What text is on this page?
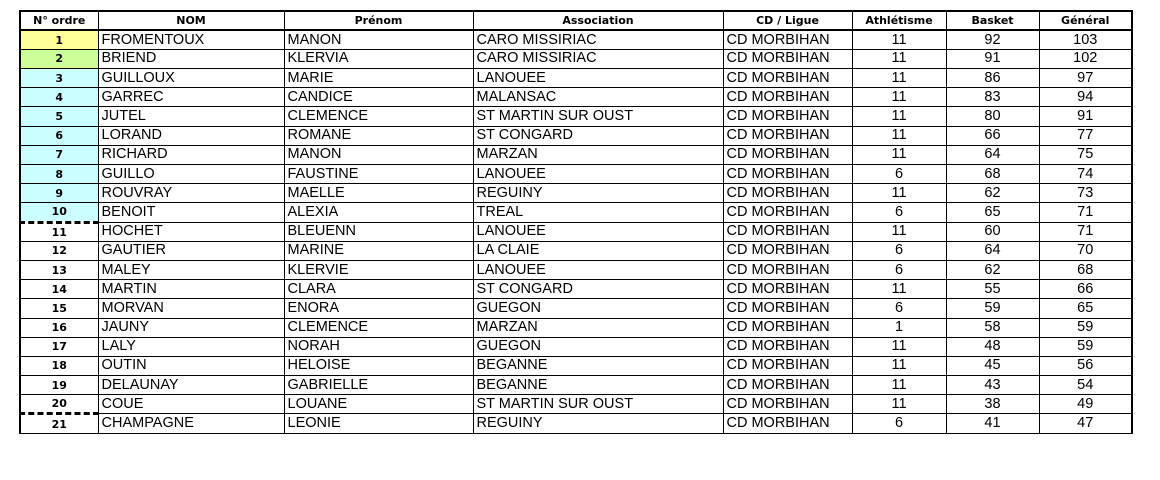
N° ordre	NOM	Prénom	Association	CD / Ligue	Athlétisme	Basket	Général
1	FROMENTOUX	MANON	CARO MISSIRIAC	CD MORBIHAN	11	92	103
2	BRIEND	KLERVIA	CARO MISSIRIAC	CD MORBIHAN	11	91	102
3	GUILLOUX	MARIE	LANOUEE	CD MORBIHAN	11	86	97
4	GARREC	CANDICE	MALANSAC	CD MORBIHAN	11	83	94
5	JUTEL	CLEMENCE	ST MARTIN SUR OUST	CD MORBIHAN	11	80	91
6	LORAND	ROMANE	ST CONGARD	CD MORBIHAN	11	66	77
7	RICHARD	MANON	MARZAN	CD MORBIHAN	11	64	75
8	GUILLO	FAUSTINE	LANOUEE	CD MORBIHAN	6	68	74
9	ROUVRAY	MAELLE	REGUINY	CD MORBIHAN	11	62	73
10	BENOIT	ALEXIA	TREAL	CD MORBIHAN	6	65	71
11	HOCHET	BLEUENN	LANOUEE	CD MORBIHAN	11	60	71
12	GAUTIER	MARINE	LA CLAIE	CD MORBIHAN	6	64	70
13	MALEY	KLERVIE	LANOUEE	CD MORBIHAN	6	62	68
14	MARTIN	CLARA	ST CONGARD	CD MORBIHAN	11	55	66
15	MORVAN	ENORA	GUEGON	CD MORBIHAN	6	59	65
16	JAUNY	CLEMENCE	MARZAN	CD MORBIHAN	1	58	59
17	LALY	NORAH	GUEGON	CD MORBIHAN	11	48	59
18	OUTIN	HELOISE	BEGANNE	CD MORBIHAN	11	45	56
19	DELAUNAY	GABRIELLE	BEGANNE	CD MORBIHAN	11	43	54
20	COUE	LOUANE	ST MARTIN SUR OUST	CD MORBIHAN	11	38	49
21	CHAMPAGNE	LEONIE	REGUINY	CD MORBIHAN	6	41	47
